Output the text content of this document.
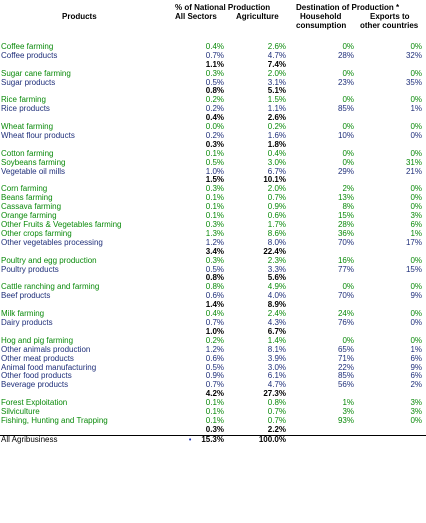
Products
% of National Production
All Sectors Agriculture
Destination of Production *
Household
consumption
Exports to
other countries

Coffee farming	0.4%	2.6%	0%	0%
Coffee products	0.7%	4.7%	28%	32%
	1.1%	7.4%		
Sugar cane farming	0.3%	2.0%	0%	0%
Sugar products	0.5%	3.1%	23%	35%
	0.8%	5.1%		
Rice farming	0.2%	1.5%	0%	0%
Rice products	0.2%	1.1%	85%	1%
	0.4%	2.6%		
Wheat farming	0.0%	0.2%	0%	0%
Wheat flour products	0.2%	1.6%	10%	0%
	0.3%	1.8%		
Cotton farming	0.1%	0.4%	0%	0%
Soybeans farming	0.5%	3.0%	0%	31%
Vegetable oil mills	1.0%	6.7%	29%	21%
	1.5%	10.1%		
Corn farming	0.3%	2.0%	2%	0%
Beans farming	0.1%	0.7%	13%	0%
Cassava farming	0.1%	0.9%	8%	0%
Orange farming	0.1%	0.6%	15%	3%
Other Fruits & Vegetables farming	0.3%	1.7%	28%	6%
Other crops farming	1.3%	8.6%	36%	1%
Other vegetables processing	1.2%	8.0%	70%	17%
	3.4%	22.4%		
Poultry and egg production	0.3%	2.3%	16%	0%
Poultry products	0.5%	3.3%	77%	15%
	0.8%	5.6%		
Cattle ranching and farming	0.8%	4.9%	0%	0%
Beef products	0.6%	4.0%	70%	9%
	1.4%	8.9%		
Milk farming	0.4%	2.4%	24%	0%
Dairy products	0.7%	4.3%	76%	0%
	1.0%	6.7%		
Hog and pig farming	0.2%	1.4%	0%	0%
Other animals production	1.2%	8.1%	65%	1%
Other meat products	0.6%	3.9%	71%	6%
Animal food manufacturing	0.5%	3.0%	22%	9%
Other food products	0.9%	6.1%	85%	6%
Beverage products	0.7%	4.7%	56%	2%
	4.2%	27.3%		
Forest Exploitation	0.1%	0.8%	1%	3%
Silviculture	0.1%	0.7%	3%	3%
Fishing, Hunting and Trapping	0.1%	0.7%	93%	0%
	0.3%	2.2%		
All Agribusiness	• 15.3%	100.0%		
